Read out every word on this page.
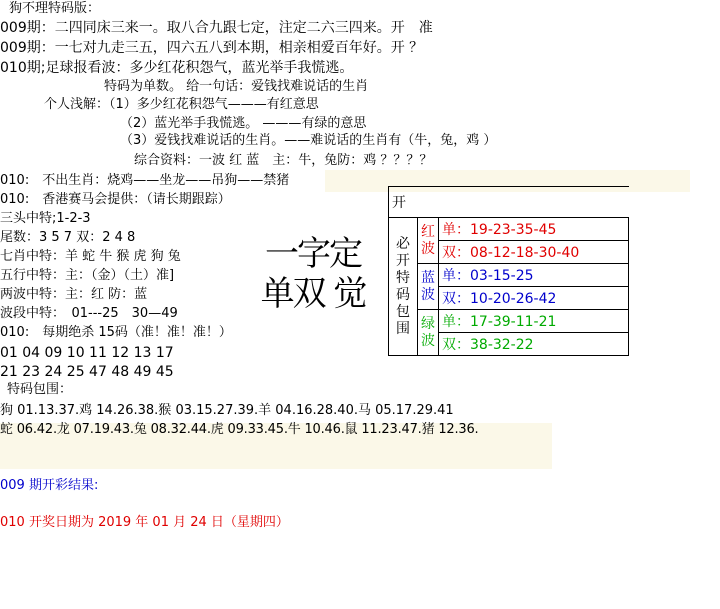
狗不理特码版：
009期：二四同床三来一。取八合九跟七定，注定二六三四来。开　准
009期：一七对九走三五，四六五八到本期，相亲相爱百年好。开 ？
010期;足球报看波：多少红花积怨气，蓝光举手我慌逃。
特码为单数。 给一句话：爱钱找难说话的生肖
个人浅解：（1）多少红花积怨气———有红意思
（2）蓝光举手我慌逃。 ———有绿的意思
（3）爱钱找难说话的生肖。——难说话的生肖有（牛，兔，鸡 ）
综合资料：一波 红 蓝　主：牛，兔防：鸡 ？？？？
010:　不出生肖：烧鸡——坐龙——吊狗——禁猪
010:　香港赛马会提供：（请长期跟踪）
三头中特;1-2-3
尾数：3 5 7 双：2 4 8
七肖中特：羊 蛇 牛 猴 虎 狗 兔
五行中特：主：（金）（土）准]
两波中特：主：红 防：蓝
波段中特：　01---25　30—49
010:　每期绝杀 15码（准！准！准！）
01 04 09 10 11 12 13 17
21 23 24 25 47 48 49 45
特码包围：
狗 01.13.37.鸡 14.26.38.猴 03.15.27.39.羊 04.16.28.40.马 05.17.29.41
蛇 06.42.龙 07.19.43.兔 08.32.44.虎 09.33.45.牛 10.46.鼠 11.23.47.猪 12.36.
009 期开彩结果:
010 开奖日期为 2019 年 01 月 24 日（星期四）
一字定单双 觉
开		
必开特码包围	红波	单：19-23-35-45
		双：08-12-18-30-40
	蓝波	单：03-15-25
		双：10-20-26-42
	绿波	单：17-39-11-21
		双：38-32-22
